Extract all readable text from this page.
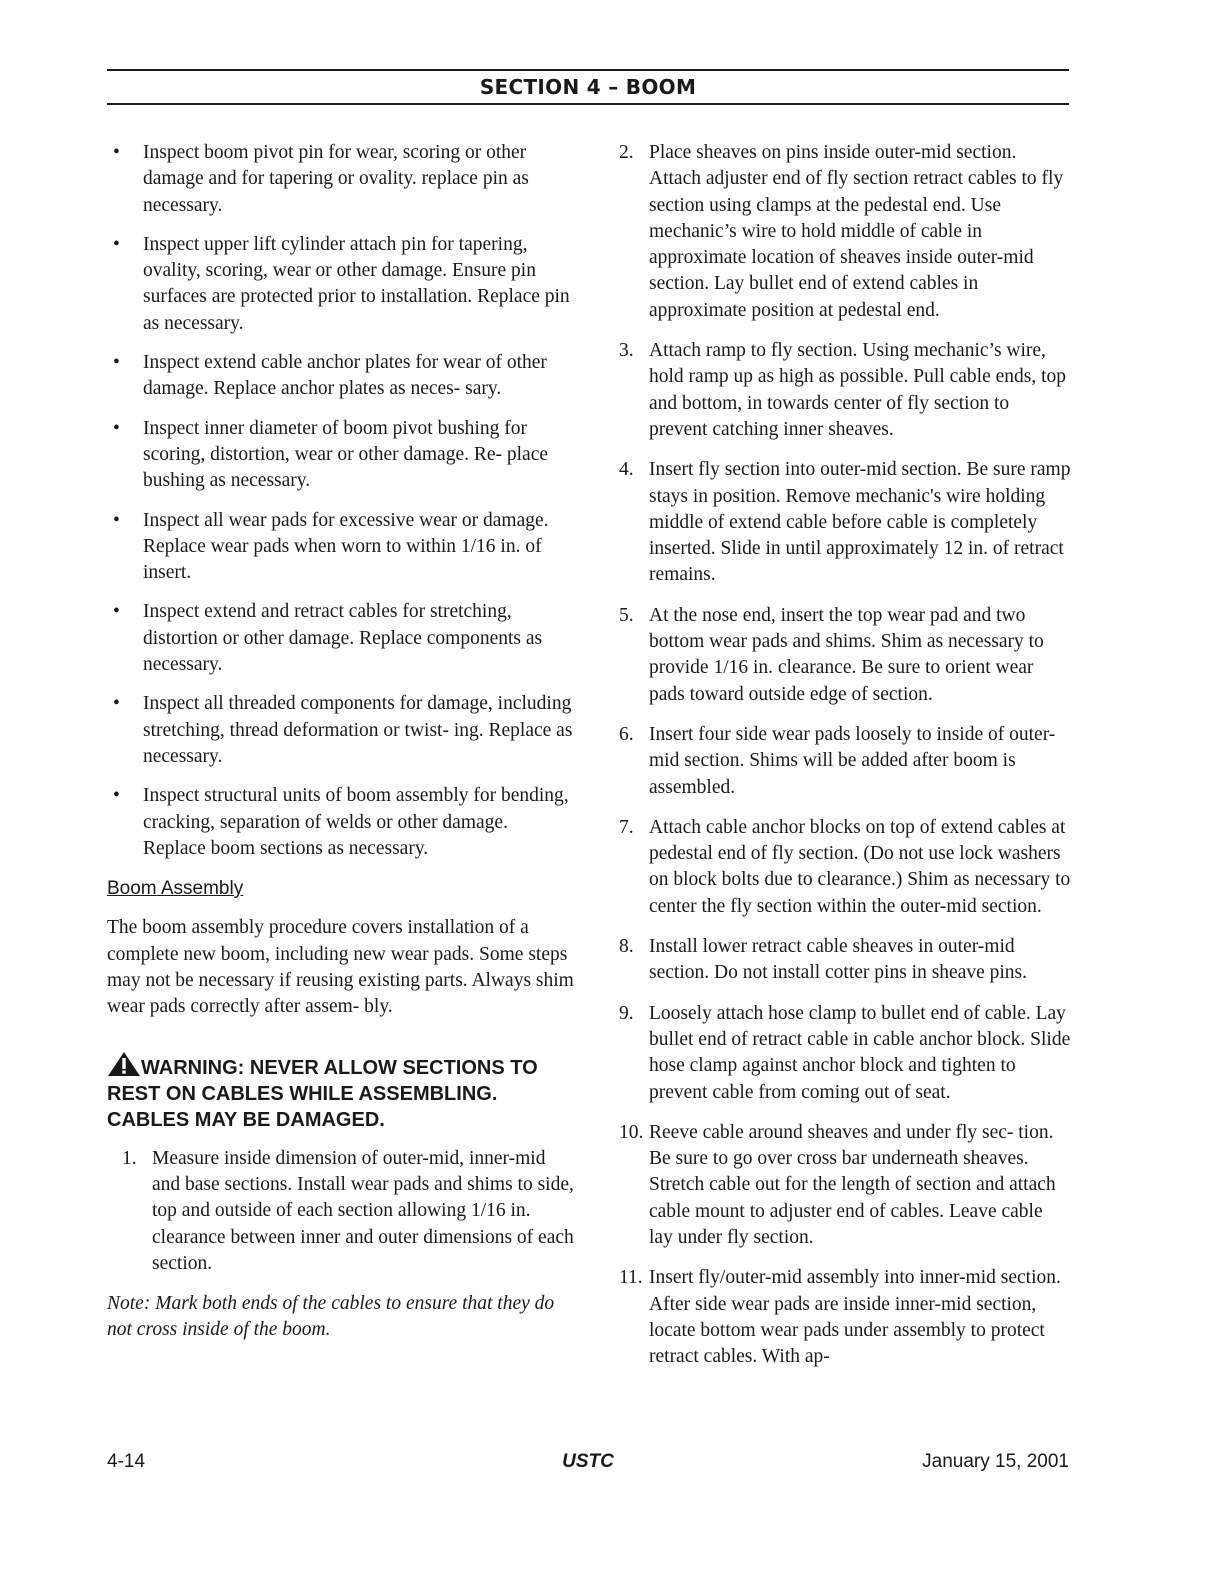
SECTION 4 – BOOM
• Inspect boom pivot pin for wear, scoring or other damage and for tapering or ovality. replace pin as necessary.
• Inspect upper lift cylinder attach pin for tapering, ovality, scoring, wear or other damage. Ensure pin surfaces are protected prior to installation. Replace pin as necessary.
• Inspect extend cable anchor plates for wear of other damage. Replace anchor plates as neces- sary.
• Inspect inner diameter of boom pivot bushing for scoring, distortion, wear or other damage. Re- place bushing as necessary.
• Inspect all wear pads for excessive wear or damage. Replace wear pads when worn to within 1/16 in. of insert.
• Inspect extend and retract cables for stretching, distortion or other damage. Replace components as necessary.
• Inspect all threaded components for damage, including stretching, thread deformation or twist- ing. Replace as necessary.
• Inspect structural units of boom assembly for bending, cracking, separation of welds or other damage. Replace boom sections as necessary.
Boom Assembly

The boom assembly procedure covers installation of a complete new boom, including new wear pads. Some steps may not be necessary if reusing existing parts. Always shim wear pads correctly after assem- bly.

WARNING: NEVER ALLOW SECTIONS TO REST ON CABLES WHILE ASSEMBLING. CABLES MAY BE DAMAGED.
1. Measure inside dimension of outer-mid, inner-mid and base sections. Install wear pads and shims to side, top and outside of each section allowing 1/16 in. clearance between inner and outer dimensions of each section.

Note: Mark both ends of the cables to ensure that they do not cross inside of the boom.

2. Place sheaves on pins inside outer-mid section. Attach adjuster end of fly section retract cables to fly section using clamps at the pedestal end. Use mechanic’s wire to hold middle of cable in approximate location of sheaves inside outer-mid section. Lay bullet end of extend cables in approximate position at pedestal end.
3. Attach ramp to fly section. Using mechanic’s wire, hold ramp up as high as possible. Pull cable ends, top and bottom, in towards center of fly section to prevent catching inner sheaves.
4. Insert fly section into outer-mid section. Be sure ramp stays in position. Remove mechanic's wire holding middle of extend cable before cable is completely inserted. Slide in until approximately 12 in. of retract remains.
5. At the nose end, insert the top wear pad and two bottom wear pads and shims. Shim as necessary to provide 1/16 in. clearance. Be sure to orient wear pads toward outside edge of section.
6. Insert four side wear pads loosely to inside of outer-mid section. Shims will be added after boom is assembled.
7. Attach cable anchor blocks on top of extend cables at pedestal end of fly section. (Do not use lock washers on block bolts due to clearance.) Shim as necessary to center the fly section within the outer-mid section.
8. Install lower retract cable sheaves in outer-mid section. Do not install cotter pins in sheave pins.
9. Loosely attach hose clamp to bullet end of cable. Lay bullet end of retract cable in cable anchor block. Slide hose clamp against anchor block and tighten to prevent cable from coming out of seat.
10. Reeve cable around sheaves and under fly sec- tion. Be sure to go over cross bar underneath sheaves. Stretch cable out for the length of section and attach cable mount to adjuster end of cables. Leave cable lay under fly section.
11. Insert fly/outer-mid assembly into inner-mid section. After side wear pads are inside inner-mid section, locate bottom wear pads under assembly to protect retract cables. With ap-
4-14	USTC	January 15, 2001
